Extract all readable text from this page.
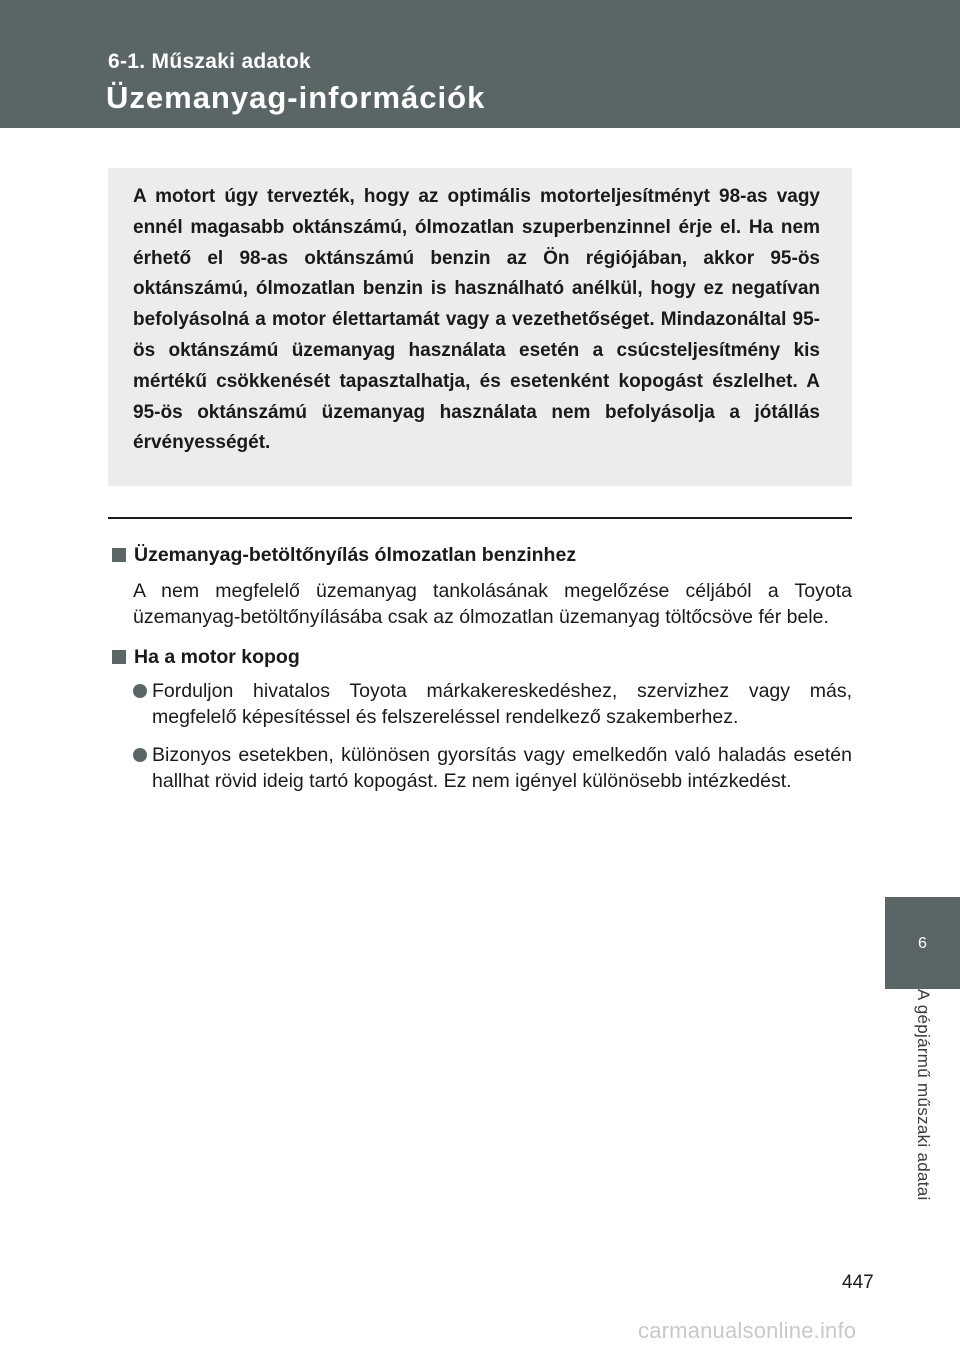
6-1. Műszaki adatok
Üzemanyag-információk

A motort úgy tervezték, hogy az optimális motorteljesítményt 98-as vagy ennél magasabb oktánszámú, ólmozatlan szuperbenzinnel érje el. Ha nem érhető el 98-as oktánszámú benzin az Ön régiójában, akkor 95-ös oktánszámú, ólmozatlan benzin is használható anélkül, hogy ez negatívan befolyásolná a motor élettartamát vagy a vezethetőséget. Mindazonáltal 95-ös oktánszámú üzemanyag használata esetén a csúcsteljesítmény kis mértékű csökkenését tapasztalhatja, és esetenként kopogást észlelhet. A 95-ös oktánszámú üzemanyag használata nem befolyásolja a jótállás érvényességét.

Üzemanyag-betöltőnyílás ólmozatlan benzinhez

A nem megfelelő üzemanyag tankolásának megelőzése céljából a Toyota üzemanyag-betöltőnyílásába csak az ólmozatlan üzemanyag töltőcsöve fér bele.

Ha a motor kopog
Forduljon hivatalos Toyota márkakereskedéshez, szervizhez vagy más, megfelelő képesítéssel és felszereléssel rendelkező szakemberhez.
Bizonyos esetekben, különösen gyorsítás vagy emelkedőn való haladás esetén hallhat rövid ideig tartó kopogást. Ez nem igényel különösebb intézkedést.
6
A gépjármű műszaki adatai
447
carmanualsonline.info
